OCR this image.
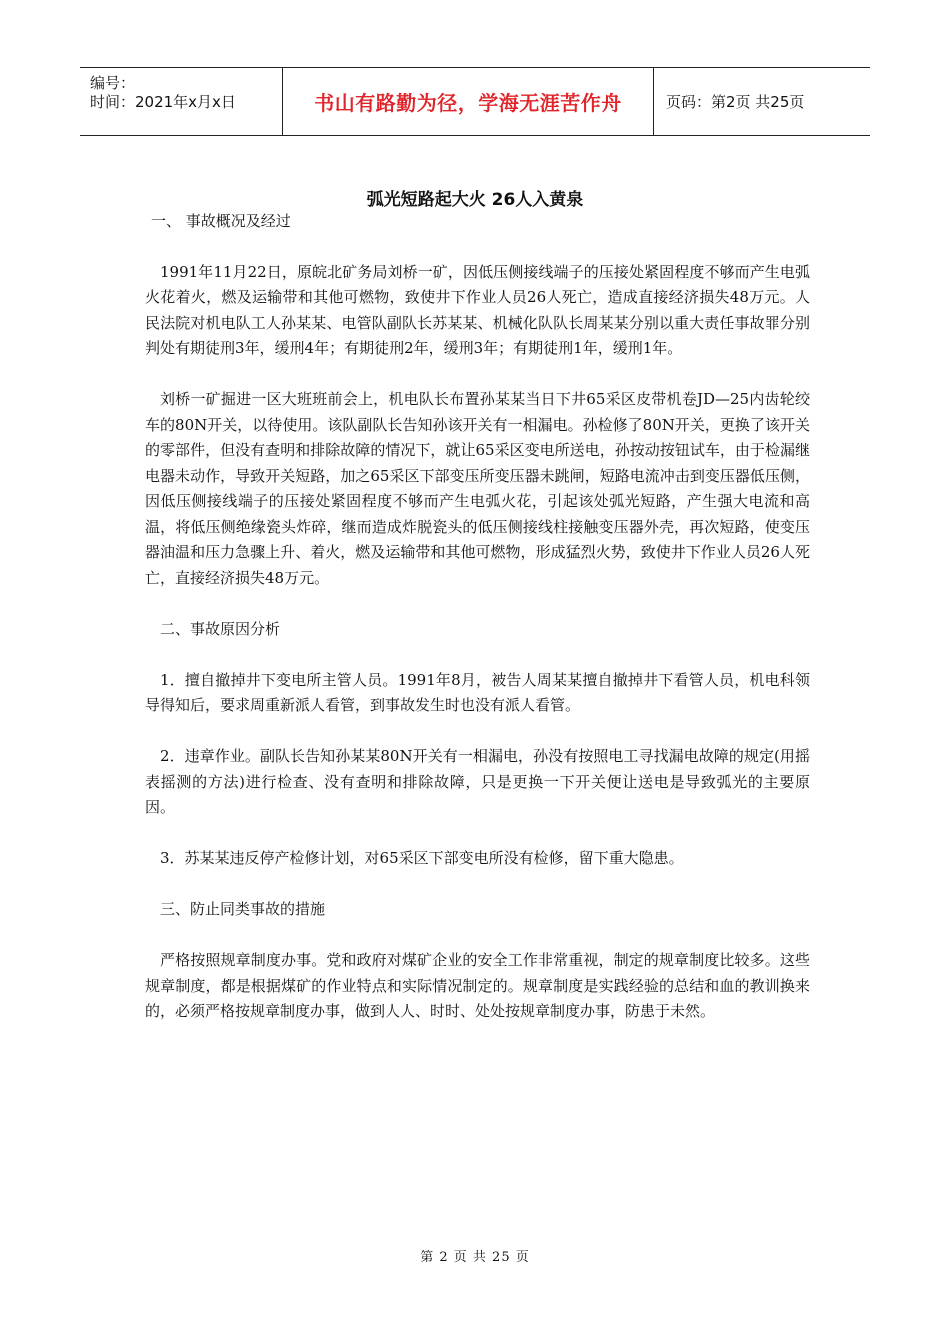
编号：
时间：2021年x月x日	书山有路勤为径，学海无涯苦作舟	页码：第2页 共25页
弧光短路起大火 26人入黄泉

一、 事故概况及经过

1991年11月22日，原皖北矿务局刘桥一矿，因低压侧接线端子的压接处紧固程度不够而产生电弧火花着火，燃及运输带和其他可燃物，致使井下作业人员26人死亡，造成直接经济损失48万元。人民法院对机电队工人孙某某、电管队副队长苏某某、机械化队队长周某某分别以重大责任事故罪分别判处有期徒刑3年，缓刑4年；有期徒刑2年，缓刑3年；有期徒刑1年，缓刑1年。

刘桥一矿掘进一区大班班前会上，机电队长布置孙某某当日下井65采区皮带机卷JD—25内齿轮绞车的80N开关，以待使用。该队副队长告知孙该开关有一相漏电。孙检修了80N开关，更换了该开关的零部件，但没有查明和排除故障的情况下，就让65采区变电所送电，孙按动按钮试车，由于检漏继电器未动作，导致开关短路，加之65采区下部变压所变压器未跳闸，短路电流冲击到变压器低压侧，因低压侧接线端子的压接处紧固程度不够而产生电弧火花，引起该处弧光短路，产生强大电流和高温，将低压侧绝缘瓷头炸碎，继而造成炸脱瓷头的低压侧接线柱接触变压器外壳，再次短路，使变压器油温和压力急骤上升、着火，燃及运输带和其他可燃物，形成猛烈火势，致使井下作业人员26人死亡，直接经济损失48万元。

二、事故原因分析

1．擅自撤掉井下变电所主管人员。1991年8月，被告人周某某擅自撤掉井下看管人员，机电科领导得知后，要求周重新派人看管，到事故发生时也没有派人看管。

2．违章作业。副队长告知孙某某80N开关有一相漏电，孙没有按照电工寻找漏电故障的规定(用摇表摇测的方法)进行检查、没有查明和排除故障，只是更换一下开关便让送电是导致弧光的主要原因。

3．苏某某违反停产检修计划，对65采区下部变电所没有检修，留下重大隐患。

三、防止同类事故的措施

严格按照规章制度办事。党和政府对煤矿企业的安全工作非常重视，制定的规章制度比较多。这些规章制度，都是根据煤矿的作业特点和实际情况制定的。规章制度是实践经验的总结和血的教训换来的，必须严格按规章制度办事，做到人人、时时、处处按规章制度办事，防患于未然。

第 2 页 共 25 页
